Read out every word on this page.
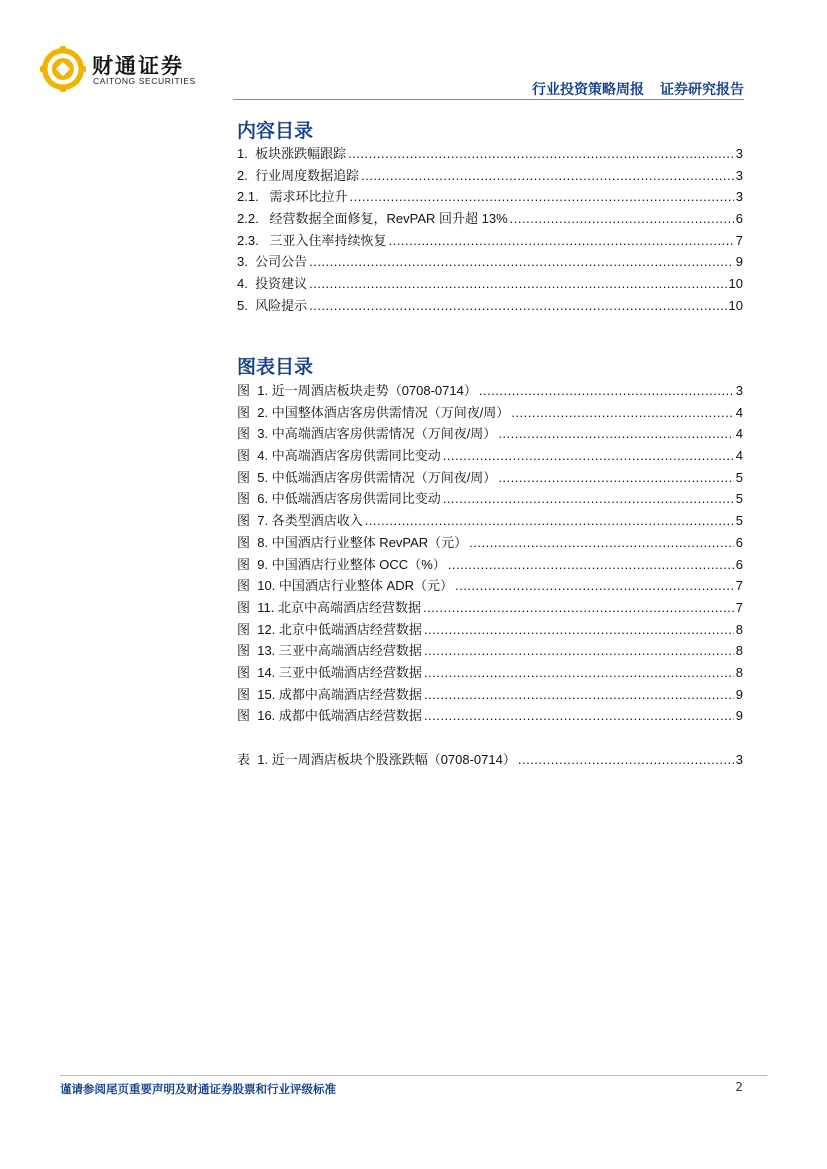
财通证券
CAITONG SECURITIES
行业投资策略周报 证券研究报告
内容目录
1. 板块涨跌幅跟踪 .....	3
2. 行业周度数据追踪 .....	3
2.1. 需求环比拉升 .....	3
2.2. 经营数据全面修复，RevPAR 回升超 13% .....	6
2.3. 三亚入住率持续恢复 .....	7
3. 公司公告 .....	9
4. 投资建议 .....	10
5. 风险提示 .....	10
图表目录
图  1. 近一周酒店板块走势（0708-0714） .....	3
图  2. 中国整体酒店客房供需情况（万间夜/周） .....	4
图  3. 中高端酒店客房供需情况（万间夜/周） .....	4
图  4. 中高端酒店客房供需同比变动 .....	4
图  5. 中低端酒店客房供需情况（万间夜/周） .....	5
图  6. 中低端酒店客房供需同比变动 .....	5
图  7. 各类型酒店收入 .....	5
图  8. 中国酒店行业整体 RevPAR（元） .....	6
图  9. 中国酒店行业整体 OCC（%） .....	6
图  10. 中国酒店行业整体 ADR（元） .....	7
图  11. 北京中高端酒店经营数据 .....	7
图  12. 北京中低端酒店经营数据 .....	8
图  13. 三亚中高端酒店经营数据 .....	8
图  14. 三亚中低端酒店经营数据 .....	8
图  15. 成都中高端酒店经营数据 .....	9
图  16. 成都中低端酒店经营数据 .....	9
表  1. 近一周酒店板块个股涨跌幅（0708-0714） .....	3
谨请参阅尾页重要声明及财通证券股票和行业评级标准	2
